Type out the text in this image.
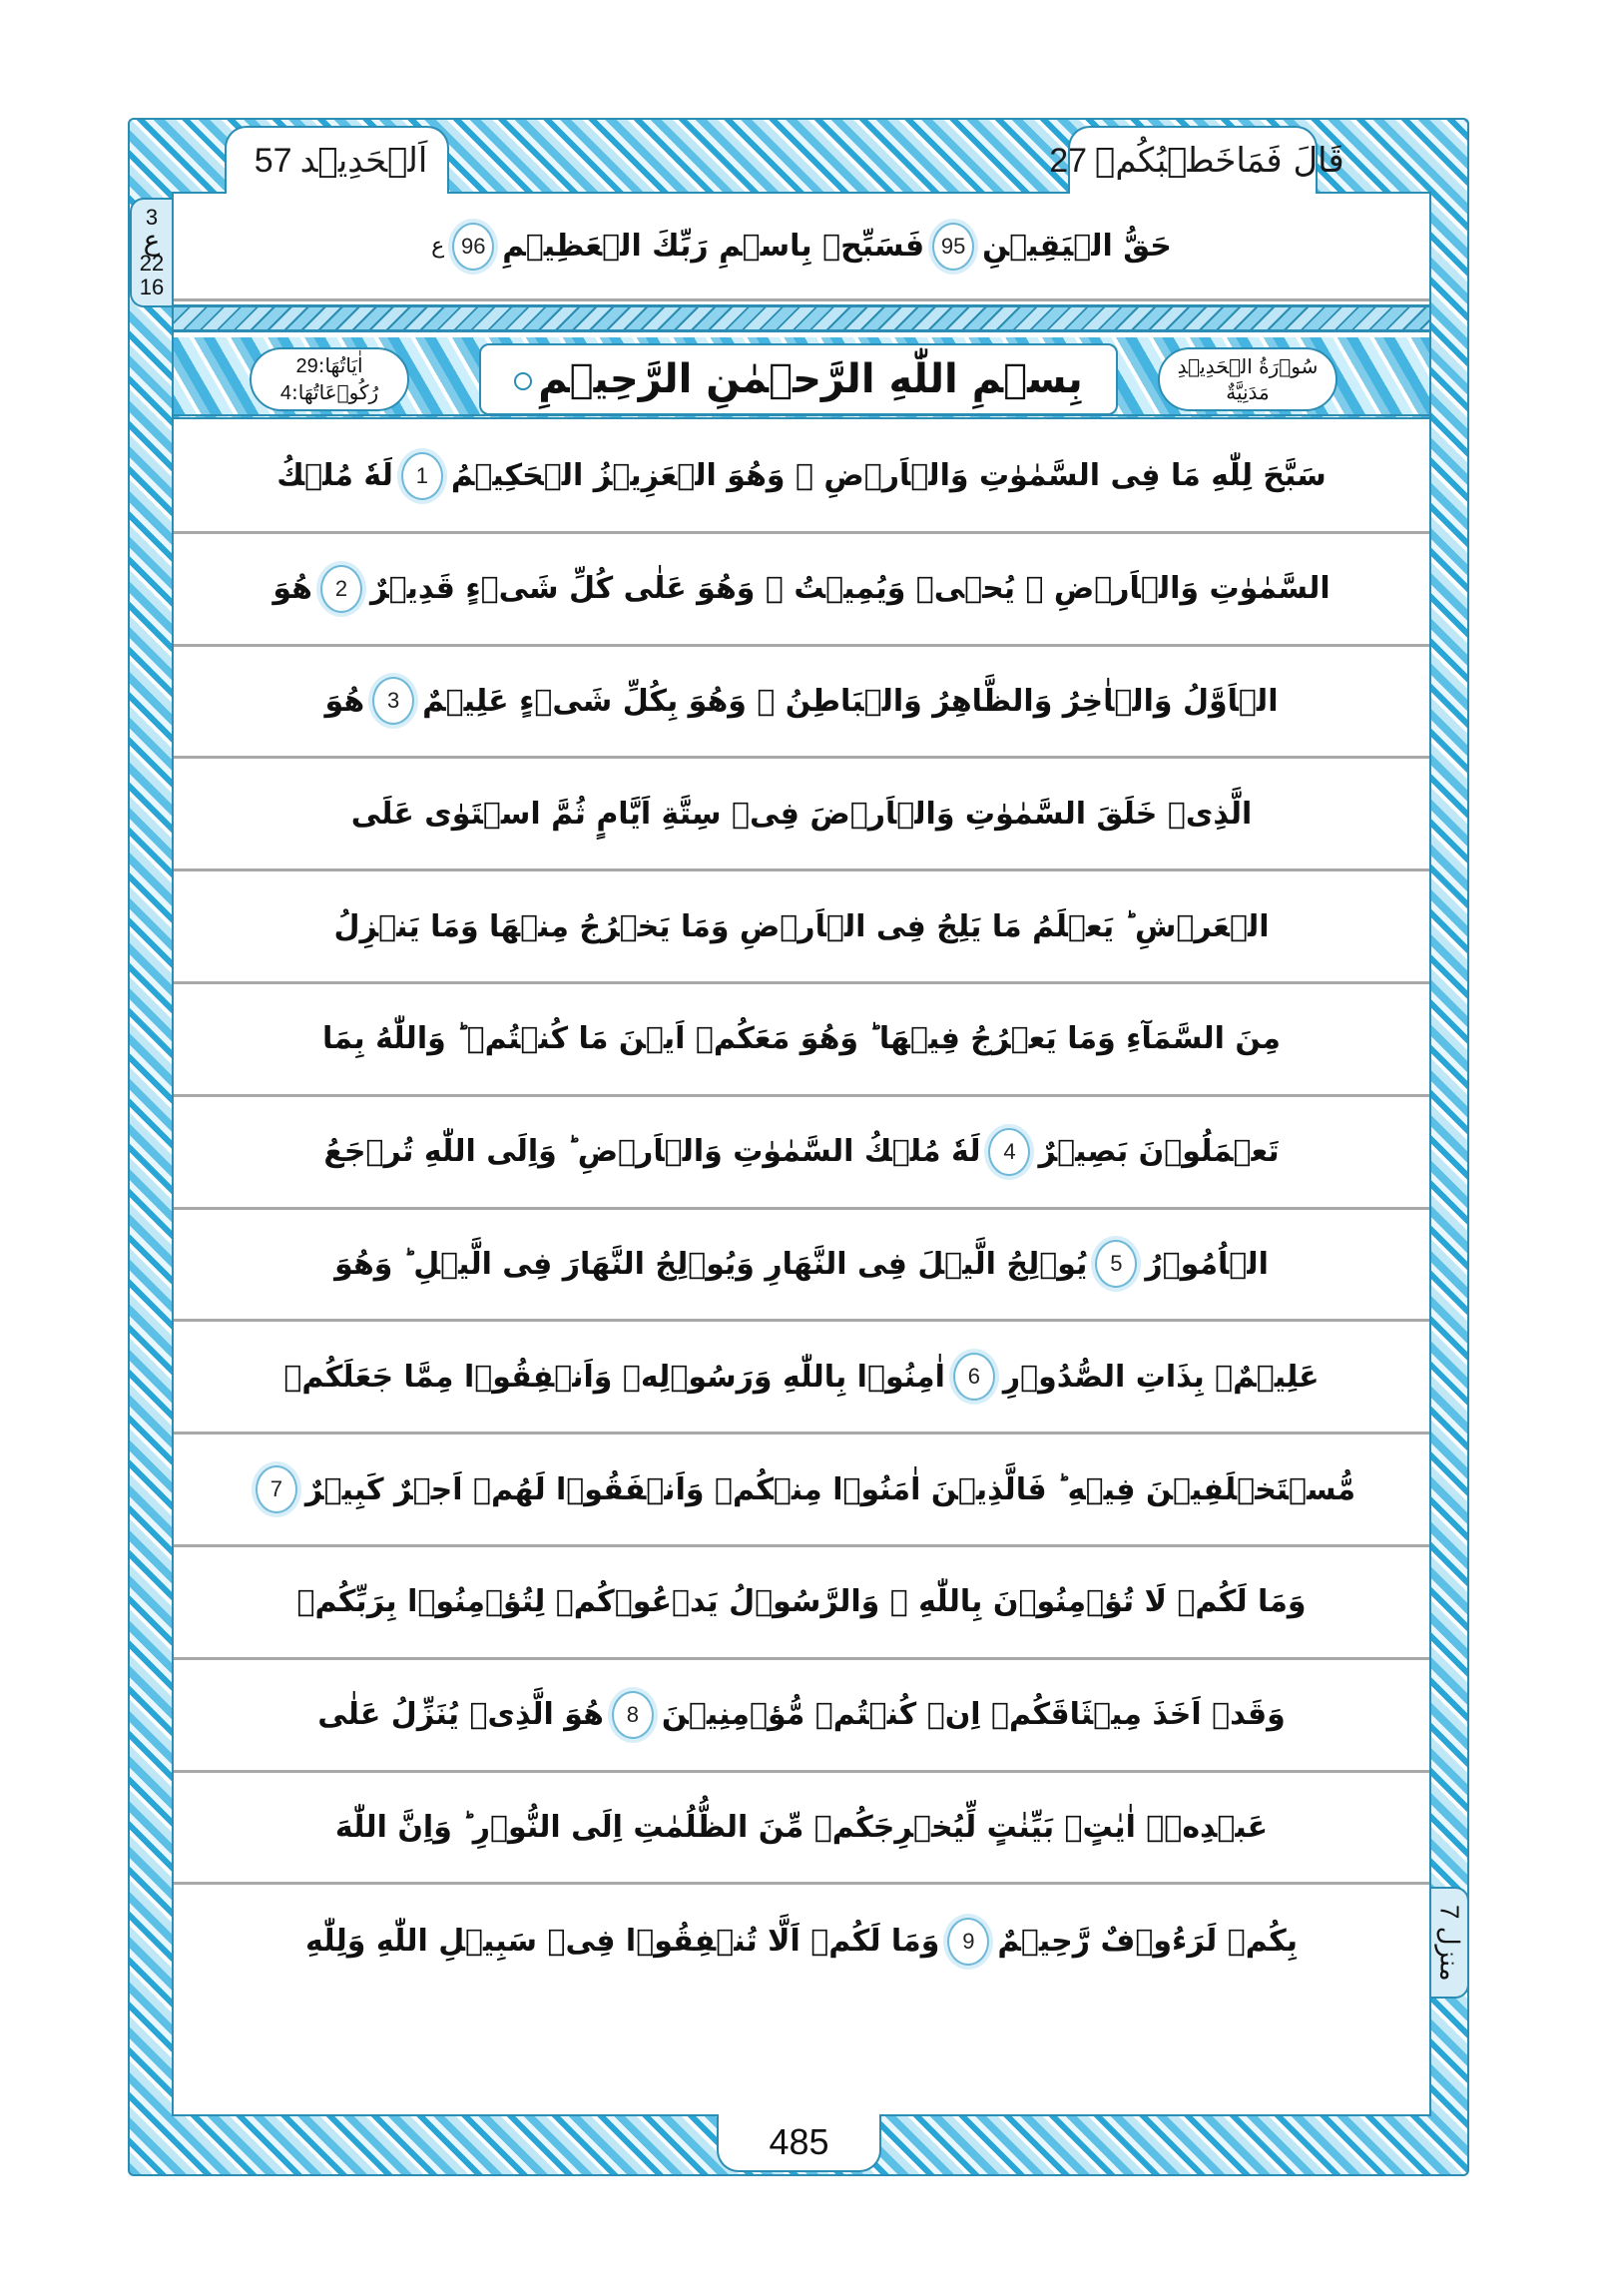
اَلۡحَدِیۡد
57	قَالَ فَمَاخَطۡبُكُمۡ
27
3
ع
22
16
منزل 7
حَقُّ الۡيَقِيۡنِ
95
فَسَبِّحۡ بِاسۡمِ رَبِّكَ الۡعَظِيۡمِ
96
ع
سُوۡرَةُ الۡحَدِيۡدِ
مَدَنِيَّةٌ
اٰيَاتُهَا:29
رُكُوۡعَاتُهَا:4	بِسۡمِ اللّٰهِ الرَّحۡمٰنِ الرَّحِيۡمِ
سَبَّحَ لِلّٰهِ مَا فِى السَّمٰوٰتِ وَالۡاَرۡضِ ۚ وَهُوَ الۡعَزِيۡزُ الۡحَكِيۡمُ
1
لَهٗ مُلۡكُ
السَّمٰوٰتِ وَالۡاَرۡضِ ۚ يُحۡىٖ وَيُمِيۡتُ ۚ وَهُوَ عَلٰى كُلِّ شَىۡءٍ قَدِيۡرٌ
2
هُوَ
الۡاَوَّلُ وَالۡاٰخِرُ وَالظَّاهِرُ وَالۡبَاطِنُ ۚ وَهُوَ بِكُلِّ شَىۡءٍ عَلِيۡمٌ
3
هُوَ
الَّذِىۡ خَلَقَ السَّمٰوٰتِ وَالۡاَرۡضَ فِىۡ سِتَّةِ اَيَّامٍ ثُمَّ اسۡتَوٰى عَلَى
الۡعَرۡشِ ؕ يَعۡلَمُ مَا يَلِجُ فِى الۡاَرۡضِ وَمَا يَخۡرُجُ مِنۡهَا وَمَا يَنۡزِلُ
مِنَ السَّمَآءِ وَمَا يَعۡرُجُ فِيۡهَا ؕ وَهُوَ مَعَكُمۡ اَيۡنَ مَا كُنۡتُمۡ ؕ وَاللّٰهُ بِمَا
تَعۡمَلُوۡنَ بَصِيۡرٌ
4
لَهٗ مُلۡكُ السَّمٰوٰتِ وَالۡاَرۡضِ ؕ وَاِلَى اللّٰهِ تُرۡجَعُ
الۡاُمُوۡرُ
5
يُوۡلِجُ الَّيۡلَ فِى النَّهَارِ وَيُوۡلِجُ النَّهَارَ فِى الَّيۡلِ ؕ وَهُوَ
عَلِيۡمٌۢ بِذَاتِ الصُّدُوۡرِ
6
اٰمِنُوۡا بِاللّٰهِ وَرَسُوۡلِهٖ وَاَنۡفِقُوۡا مِمَّا جَعَلَكُمۡ
مُّسۡتَخۡلَفِيۡنَ فِيۡهِ ؕ فَالَّذِيۡنَ اٰمَنُوۡا مِنۡكُمۡ وَاَنۡفَقُوۡا لَهُمۡ اَجۡرٌ كَبِيۡرٌ
7
وَمَا لَكُمۡ لَا تُؤۡمِنُوۡنَ بِاللّٰهِ ۚ وَالرَّسُوۡلُ يَدۡعُوۡكُمۡ لِتُؤۡمِنُوۡا بِرَبِّكُمۡ
وَقَدۡ اَخَذَ مِيۡثَاقَكُمۡ اِنۡ كُنۡتُمۡ مُّؤۡمِنِيۡنَ
8
هُوَ الَّذِىۡ يُنَزِّلُ عَلٰى
عَبۡدِهٖۤ اٰيٰتٍۭ بَيِّنٰتٍ لِّيُخۡرِجَكُمۡ مِّنَ الظُّلُمٰتِ اِلَى النُّوۡرِ ؕ وَاِنَّ اللّٰهَ
بِكُمۡ لَرَءُوۡفٌ رَّحِيۡمٌ
9
وَمَا لَكُمۡ اَلَّا تُنۡفِقُوۡا فِىۡ سَبِيۡلِ اللّٰهِ وَلِلّٰهِ
485
